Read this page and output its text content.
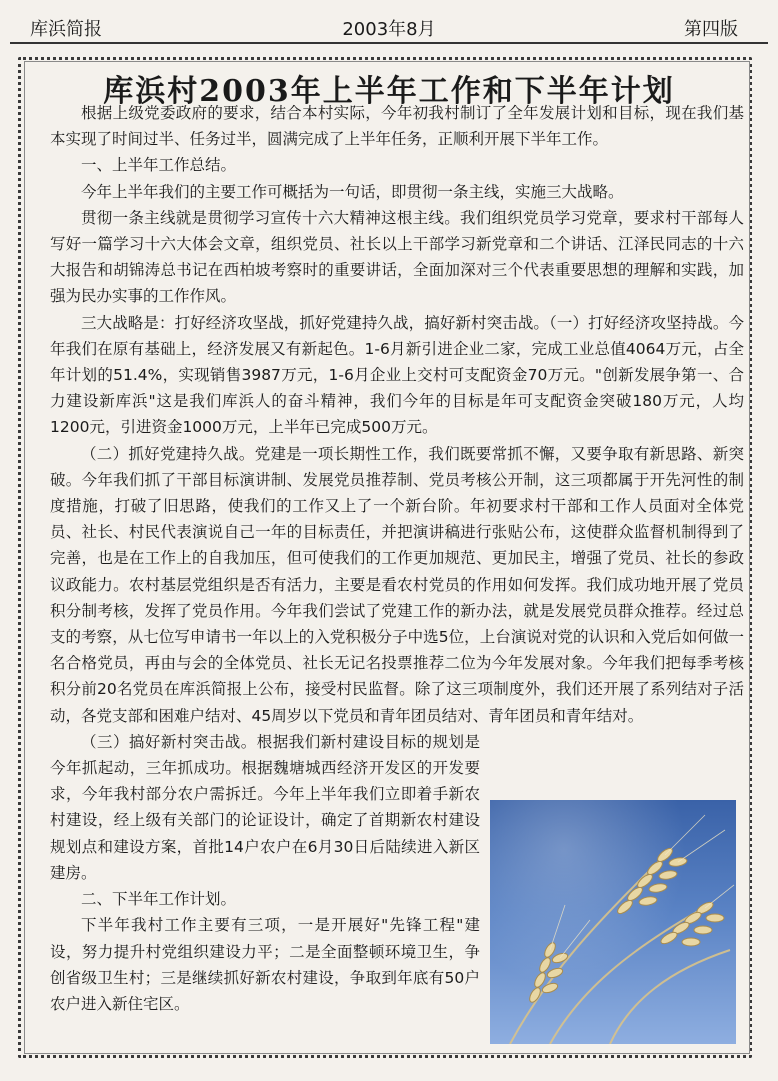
库浜简报	2003年8月	第四版
库浜村2003年上半年工作和下半年计划

根据上级党委政府的要求，结合本村实际，今年初我村制订了全年发展计划和目标，现在我们基本实现了时间过半、任务过半，圆满完成了上半年任务，正顺利开展下半年工作。

一、上半年工作总结。

今年上半年我们的主要工作可概括为一句话，即贯彻一条主线，实施三大战略。

贯彻一条主线就是贯彻学习宣传十六大精神这根主线。我们组织党员学习党章，要求村干部每人写好一篇学习十六大体会文章，组织党员、社长以上干部学习新党章和二个讲话、江泽民同志的十六大报告和胡锦涛总书记在西柏坡考察时的重要讲话，全面加深对三个代表重要思想的理解和实践，加强为民办实事的工作作风。

三大战略是：打好经济攻坚战，抓好党建持久战，搞好新村突击战。（一）打好经济攻坚持战。今年我们在原有基础上，经济发展又有新起色。1-6月新引进企业二家，完成工业总值4064万元，占全年计划的51.4%，实现销售3987万元，1-6月企业上交村可支配资金70万元。"创新发展争第一、合力建设新库浜"这是我们库浜人的奋斗精神，我们今年的目标是年可支配资金突破180万元，人均1200元，引进资金1000万元，上半年已完成500万元。

（二）抓好党建持久战。党建是一项长期性工作，我们既要常抓不懈，又要争取有新思路、新突破。今年我们抓了干部目标演讲制、发展党员推荐制、党员考核公开制，这三项都属于开先河性的制度措施，打破了旧思路，使我们的工作又上了一个新台阶。年初要求村干部和工作人员面对全体党员、社长、村民代表演说自己一年的目标责任，并把演讲稿进行张贴公布，这使群众监督机制得到了完善，也是在工作上的自我加压，但可使我们的工作更加规范、更加民主，增强了党员、社长的参政议政能力。农村基层党组织是否有活力，主要是看农村党员的作用如何发挥。我们成功地开展了党员积分制考核，发挥了党员作用。今年我们尝试了党建工作的新办法，就是发展党员群众推荐。经过总支的考察，从七位写申请书一年以上的入党积极分子中选5位，上台演说对党的认识和入党后如何做一名合格党员，再由与会的全体党员、社长无记名投票推荐二位为今年发展对象。今年我们把每季考核积分前20名党员在库浜简报上公布，接受村民监督。除了这三项制度外，我们还开展了系列结对子活动，各党支部和困难户结对、45周岁以下党员和青年团员结对、青年团员和青年结对。

（三）搞好新村突击战。根据我们新村建设目标的规划是今年抓起动，三年抓成功。根据魏塘城西经济开发区的开发要求，今年我村部分农户需拆迁。今年上半年我们立即着手新农村建设，经上级有关部门的论证设计，确定了首期新农村建设规划点和建设方案，首批14户农户在6月30日后陆续进入新区建房。

二、下半年工作计划。

下半年我村工作主要有三项，一是开展好"先锋工程"建设，努力提升村党组织建设力平；二是全面整顿环境卫生，争创省级卫生村；三是继续抓好新农村建设，争取到年底有50户农户进入新住宅区。
